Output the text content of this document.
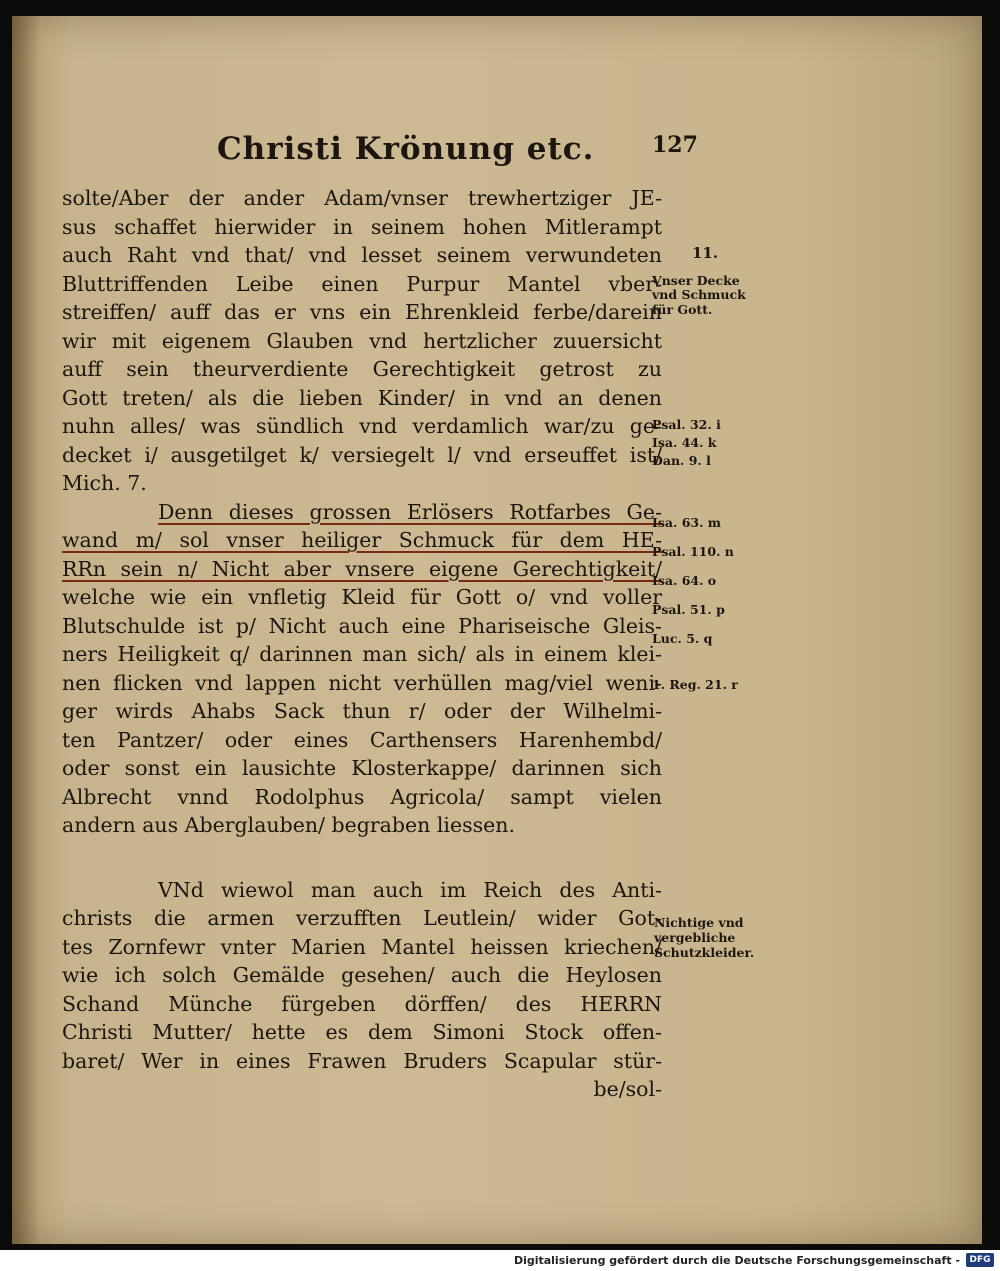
Christi Krönung etc.	127
solte/Aber der ander Adam/vnser trewhertziger JE-
sus schaffet hierwider in seinem hohen Mitlerampt
auch Raht vnd that/ vnd lesset seinem verwundeten
Bluttriffenden Leibe einen Purpur Mantel vber-
streiffen/ auff das er vns ein Ehrenkleid ferbe/darein
wir mit eigenem Glauben vnd hertzlicher zuuersicht
auff sein theurverdiente Gerechtigkeit getrost zu
Gott treten/ als die lieben Kinder/ in vnd an denen
nuhn alles/ was sündlich vnd verdamlich war/zu ge-
decket i/ ausgetilget k/ versiegelt l/ vnd erseuffet ist/
Mich. 7.
Denn dieses grossen Erlösers Rotfarbes Ge-
wand m/ sol vnser heiliger Schmuck für dem HE-
RRn sein n/ Nicht aber vnsere eigene Gerechtigkeit/
welche wie ein vnfletig Kleid für Gott o/ vnd voller
Blutschulde ist p/ Nicht auch eine Phariseische Gleis-
ners Heiligkeit q/ darinnen man sich/ als in einem klei-
nen flicken vnd lappen nicht verhüllen mag/viel weni-
ger wirds Ahabs Sack thun r/ oder der Wilhelmi-
ten Pantzer/ oder eines Carthensers Harenhembd/
oder sonst ein lausichte Klosterkappe/ darinnen sich
Albrecht vnnd Rodolphus Agricola/ sampt vielen
andern aus Aberglauben/ begraben liessen.
VNd wiewol man auch im Reich des Anti-
christs die armen verzufften Leutlein/ wider Got-
tes Zornfewr vnter Marien Mantel heissen kriechen/
wie ich solch Gemälde gesehen/ auch die Heylosen
Schand Münche fürgeben dörffen/ des HERRN
Christi Mutter/ hette es dem Simoni Stock offen-
baret/ Wer in eines Frawen Bruders Scapular stür-
be/sol-
11.
Vnser Decke
vnd Schmuck
für Gott.
Psal. 32. i
Isa. 44. k
Dan. 9. l
Isa. 63. m
Psal. 110. n
Isa. 64. o
Psal. 51. p
Luc. 5. q
1. Reg. 21. r
Nichtige vnd
vergebliche
Schutzkleider.
Digitalisierung gefördert durch die Deutsche Forschungsgemeinschaft -	DFG
